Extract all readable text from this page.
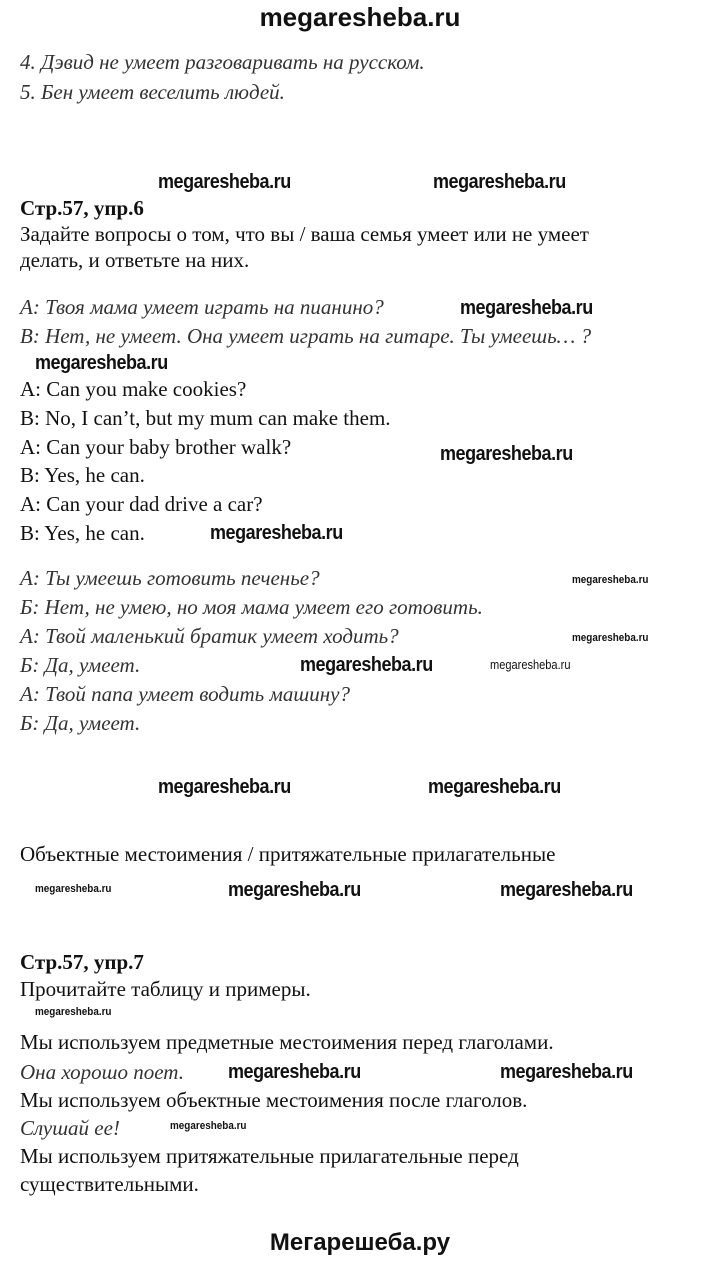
megaresheba.ru
4. Дэвид не умеет разговаривать на русском.
5. Бен умеет веселить людей.
megaresheba.ru	megaresheba.ru
Стр.57, упр.6
Задайте вопросы о том, что вы / ваша семья умеет или не умеет
делать, и ответьте на них.
A: Твоя мама умеет играть на пианино?
B: Нет, не умеет. Она умеет играть на гитаре. Ты умеешь… ?
megaresheba.ru
megaresheba.ru
A: Can you make cookies?
B: No, I can’t, but my mum can make them.
A: Can your baby brother walk?
B: Yes, he can.
A: Can your dad drive a car?
B: Yes, he can.
megaresheba.ru
megaresheba.ru
А: Ты умеешь готовить печенье?
Б: Нет, не умею, но моя мама умеет его готовить.
А: Твой маленький братик умеет ходить?
Б: Да, умеет.
А: Твой папа умеет водить машину?
Б: Да, умеет.
megaresheba.ru
megaresheba.ru
megaresheba.ru
megaresheba.ru
megaresheba.ru	megaresheba.ru
Объектные местоимения / притяжательные прилагательные
megaresheba.ru	megaresheba.ru	megaresheba.ru
Стр.57, упр.7
Прочитайте таблицу и примеры.
megaresheba.ru
Мы используем предметные местоимения перед глаголами.
Она хорошо поет. megaresheba.ru	megaresheba.ru
Мы используем объектные местоимения после глаголов.
megaresheba.ru
Слушай ее!
Мы используем притяжательные прилагательные перед
существительными.
Мегарешеба.ру
